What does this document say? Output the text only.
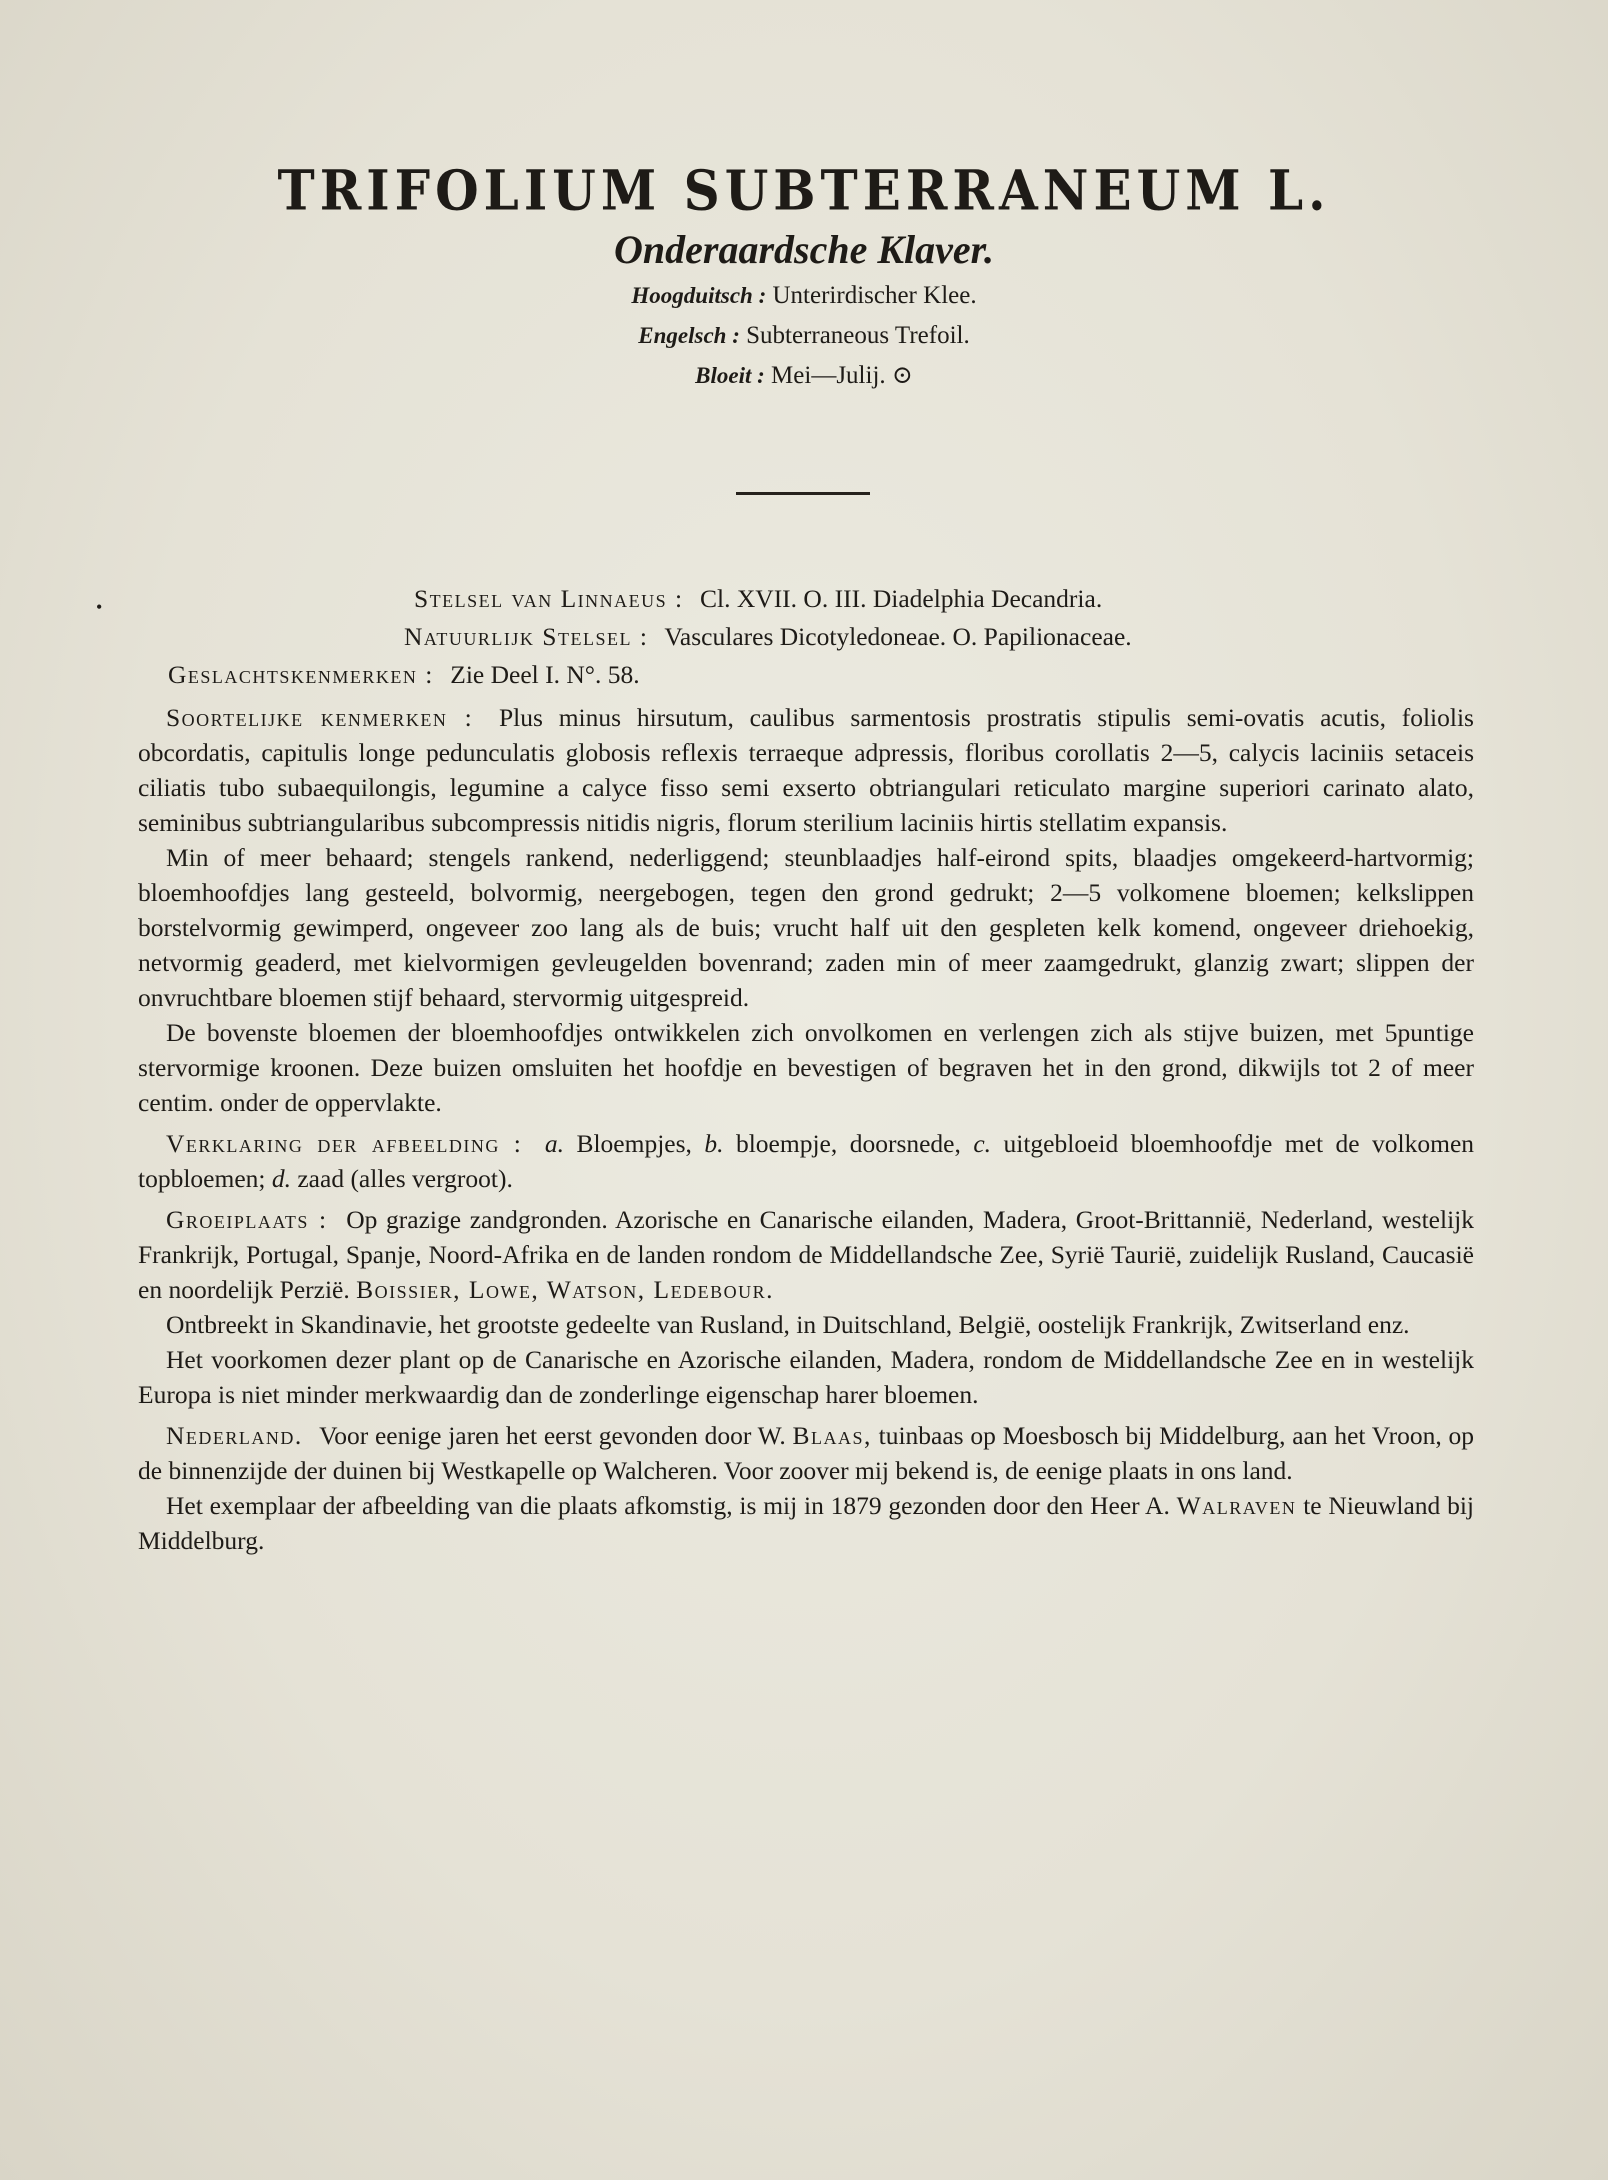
TRIFOLIUM SUBTERRANEUM L.
Onderaardsche Klaver.
Hoogduitsch : Unterirdischer Klee.
Engelsch : Subterraneous Trefoil.
Bloeit : Mei—Julij. ⊙
•	Stelsel van Linnaeus : Cl. XVII. O. III. Diadelphia Decandria.
Natuurlijk Stelsel : Vasculares Dicotyledoneae. O. Papilionaceae.
Geslachtskenmerken : Zie Deel I. N°. 58.

Soortelijke kenmerken : Plus minus hirsutum, caulibus sarmentosis prostratis stipulis semi-ovatis acutis, foliolis obcordatis, capitulis longe pedunculatis globosis reflexis terraeque adpressis, floribus corollatis 2—5, calycis laciniis setaceis ciliatis tubo subaequilongis, legumine a calyce fisso semi exserto obtriangulari reticulato margine superiori carinato alato, seminibus subtriangularibus subcompressis nitidis nigris, florum sterilium laciniis hirtis stellatim expansis.

Min of meer behaard; stengels rankend, nederliggend; steunblaadjes half-eirond spits, blaadjes omgekeerd-hartvormig; bloemhoofdjes lang gesteeld, bolvormig, neergebogen, tegen den grond gedrukt; 2—5 volkomene bloemen; kelkslippen borstelvormig gewimperd, ongeveer zoo lang als de buis; vrucht half uit den gespleten kelk komend, ongeveer driehoekig, netvormig geaderd, met kielvormigen gevleugelden bovenrand; zaden min of meer zaamgedrukt, glanzig zwart; slippen der onvruchtbare bloemen stijf behaard, stervormig uitgespreid.

De bovenste bloemen der bloemhoofdjes ontwikkelen zich onvolkomen en verlengen zich als stijve buizen, met 5puntige stervormige kroonen. Deze buizen omsluiten het hoofdje en bevestigen of begraven het in den grond, dikwijls tot 2 of meer centim. onder de oppervlakte.

Verklaring der afbeelding : a. Bloempjes, b. bloempje, doorsnede, c. uitgebloeid bloemhoofdje met de volkomen topbloemen; d. zaad (alles vergroot).

Groeiplaats : Op grazige zandgronden. Azorische en Canarische eilanden, Madera, Groot-Brittannië, Nederland, westelijk Frankrijk, Portugal, Spanje, Noord-Afrika en de landen rondom de Middellandsche Zee, Syrië Taurië, zuidelijk Rusland, Caucasië en noordelijk Perzië. Boissier, Lowe, Watson, Ledebour.

Ontbreekt in Skandinavie, het grootste gedeelte van Rusland, in Duitschland, België, oostelijk Frankrijk, Zwitserland enz.

Het voorkomen dezer plant op de Canarische en Azorische eilanden, Madera, rondom de Middellandsche Zee en in westelijk Europa is niet minder merkwaardig dan de zonderlinge eigenschap harer bloemen.

Nederland. Voor eenige jaren het eerst gevonden door W. Blaas, tuinbaas op Moesbosch bij Middelburg, aan het Vroon, op de binnenzijde der duinen bij Westkapelle op Walcheren. Voor zoover mij bekend is, de eenige plaats in ons land.

Het exemplaar der afbeelding van die plaats afkomstig, is mij in 1879 gezonden door den Heer A. Walraven te Nieuwland bij Middelburg.
